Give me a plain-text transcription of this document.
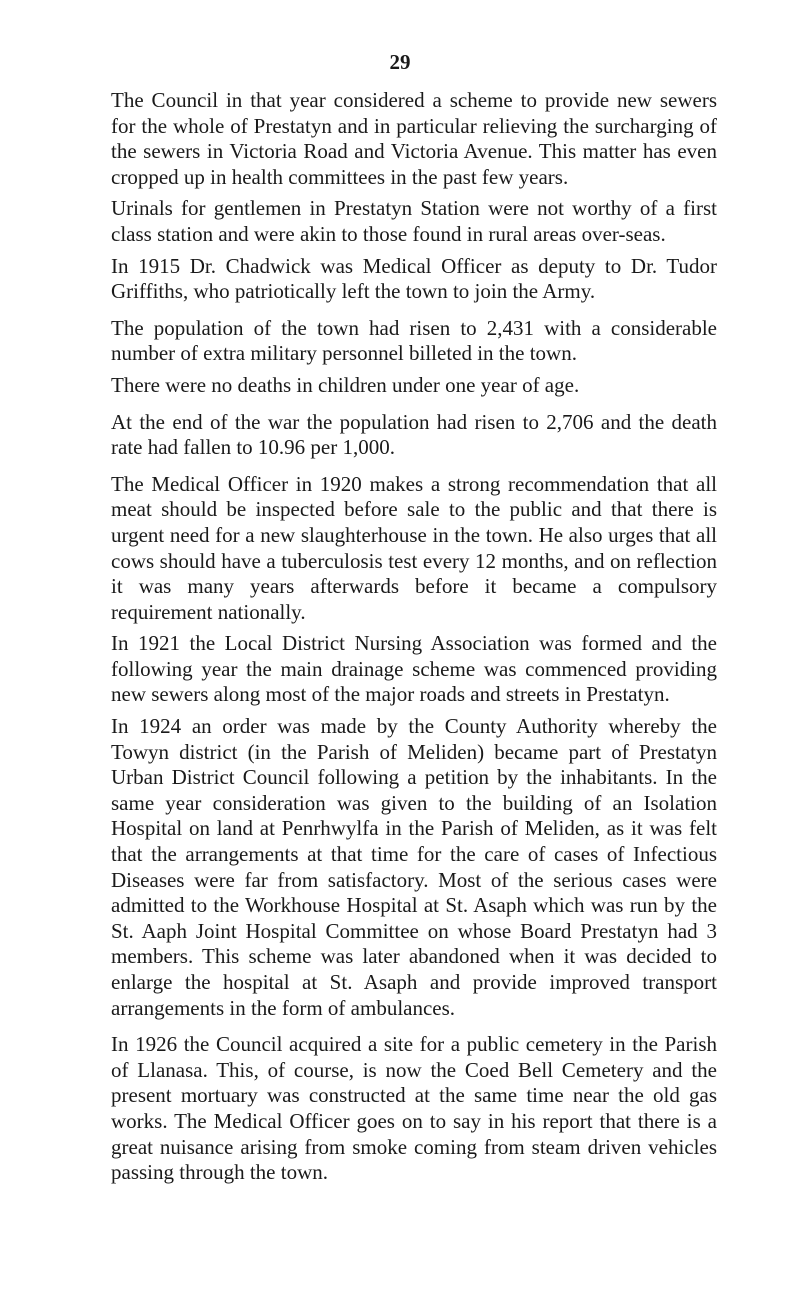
29

The Council in that year considered a scheme to provide new sewers for the whole of Prestatyn and in particular relieving the surcharging of the sewers in Victoria Road and Victoria Avenue. This matter has even cropped up in health committees in the past few years.

Urinals for gentlemen in Prestatyn Station were not worthy of a first class station and were akin to those found in rural areas over-seas.

In 1915 Dr. Chadwick was Medical Officer as deputy to Dr. Tudor Griffiths, who patriotically left the town to join the Army.

The population of the town had risen to 2,431 with a considerable number of extra military personnel billeted in the town.

There were no deaths in children under one year of age.

At the end of the war the population had risen to 2,706 and the death rate had fallen to 10.96 per 1,000.

The Medical Officer in 1920 makes a strong recommendation that all meat should be inspected before sale to the public and that there is urgent need for a new slaughterhouse in the town. He also urges that all cows should have a tuberculosis test every 12 months, and on reflection it was many years afterwards before it became a compulsory requirement nationally.

In 1921 the Local District Nursing Association was formed and the following year the main drainage scheme was commenced providing new sewers along most of the major roads and streets in Prestatyn.

In 1924 an order was made by the County Authority whereby the Towyn district (in the Parish of Meliden) became part of Prestatyn Urban District Council following a petition by the inhabitants. In the same year consideration was given to the building of an Isolation Hospital on land at Penrhwylfa in the Parish of Meliden, as it was felt that the arrangements at that time for the care of cases of Infectious Diseases were far from satisfactory. Most of the serious cases were admitted to the Workhouse Hospital at St. Asaph which was run by the St. Aaph Joint Hospital Committee on whose Board Prestatyn had 3 members. This scheme was later abandoned when it was decided to enlarge the hospital at St. Asaph and provide improved transport arrangements in the form of ambulances.

In 1926 the Council acquired a site for a public cemetery in the Parish of Llanasa. This, of course, is now the Coed Bell Cemetery and the present mortuary was constructed at the same time near the old gas works. The Medical Officer goes on to say in his report that there is a great nuisance arising from smoke coming from steam driven vehicles passing through the town.
